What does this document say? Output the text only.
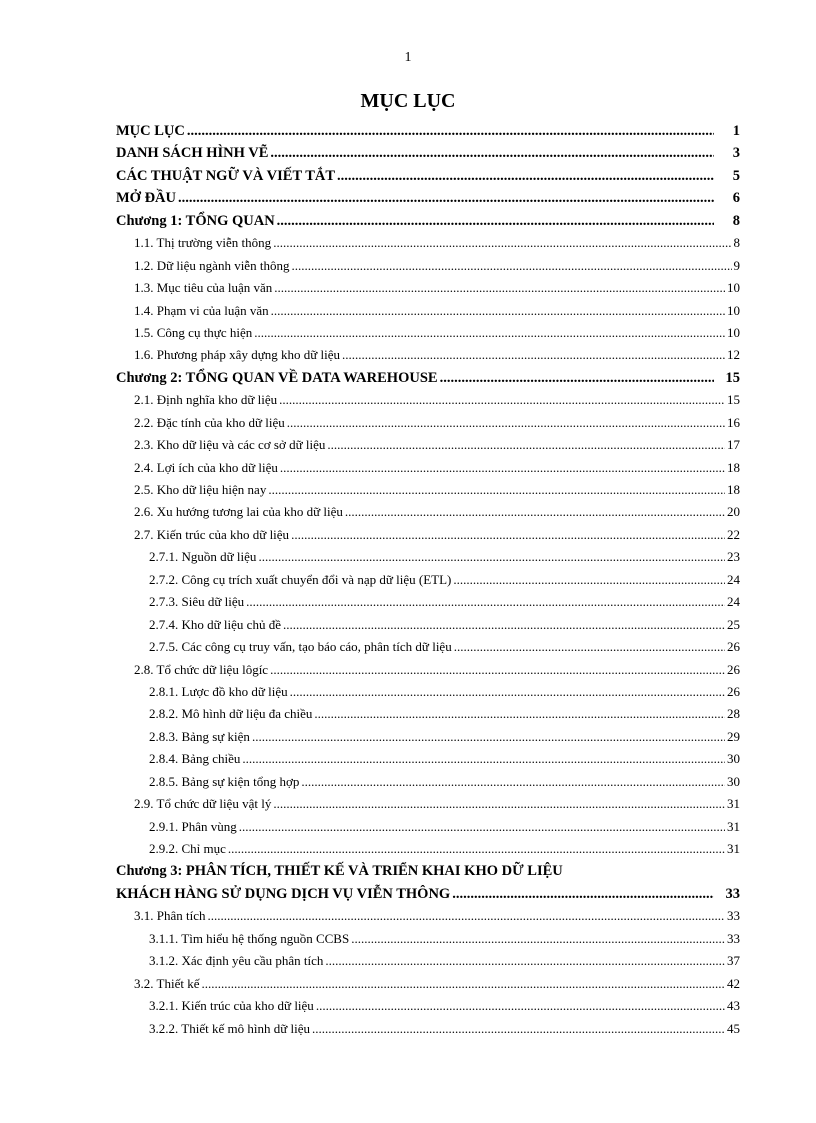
1
MỤC LỤC
MỤC LỤC .....	1
DANH SÁCH HÌNH VẼ .....	3
CÁC THUẬT NGỮ VÀ VIẾT TẮT .....	5
MỞ ĐẦU .....	6
Chương 1: TỔNG QUAN .....	8
1.1. Thị trường viễn thông .....	8
1.2. Dữ liệu ngành viễn thông .....	9
1.3. Mục tiêu của luận văn .....	10
1.4. Phạm vi của luận văn .....	10
1.5. Công cụ thực hiện .....	10
1.6. Phương pháp xây dựng kho dữ liệu .....	12
Chương 2: TỔNG QUAN VỀ DATA WAREHOUSE .....	15
2.1. Định nghĩa kho dữ liệu .....	15
2.2. Đặc tính của kho dữ liệu .....	16
2.3. Kho dữ liệu và các cơ sở dữ liệu .....	17
2.4. Lợi ích của kho dữ liệu .....	18
2.5. Kho dữ liệu hiện nay .....	18
2.6. Xu hướng tương lai của kho dữ liệu .....	20
2.7. Kiến trúc của kho dữ liệu .....	22
2.7.1. Nguồn dữ liệu .....	23
2.7.2. Công cụ trích xuất chuyển đổi và nạp dữ liệu (ETL) .....	24
2.7.3. Siêu dữ liệu .....	24
2.7.4. Kho dữ liệu chủ đề .....	25
2.7.5. Các công cụ truy vấn, tạo báo cáo, phân tích dữ liệu .....	26
2.8. Tổ chức dữ liệu lôgíc .....	26
2.8.1. Lược đồ kho dữ liệu .....	26
2.8.2. Mô hình dữ liệu đa chiều .....	28
2.8.3. Bảng sự kiện .....	29
2.8.4. Bảng chiều .....	30
2.8.5. Bảng sự kiện tổng hợp .....	30
2.9. Tổ chức dữ liệu vật lý .....	31
2.9.1. Phân vùng .....	31
2.9.2. Chỉ mục .....	31
Chương 3: PHÂN TÍCH, THIẾT KẾ VÀ TRIỂN KHAI KHO DỮ LIỆU
KHÁCH HÀNG SỬ DỤNG DỊCH VỤ VIỄN THÔNG .....	33
3.1. Phân tích .....	33
3.1.1. Tìm hiểu hệ thống nguồn CCBS .....	33
3.1.2. Xác định yêu cầu phân tích .....	37
3.2. Thiết kế .....	42
3.2.1. Kiến trúc của kho dữ liệu .....	43
3.2.2. Thiết kế mô hình dữ liệu .....	45
